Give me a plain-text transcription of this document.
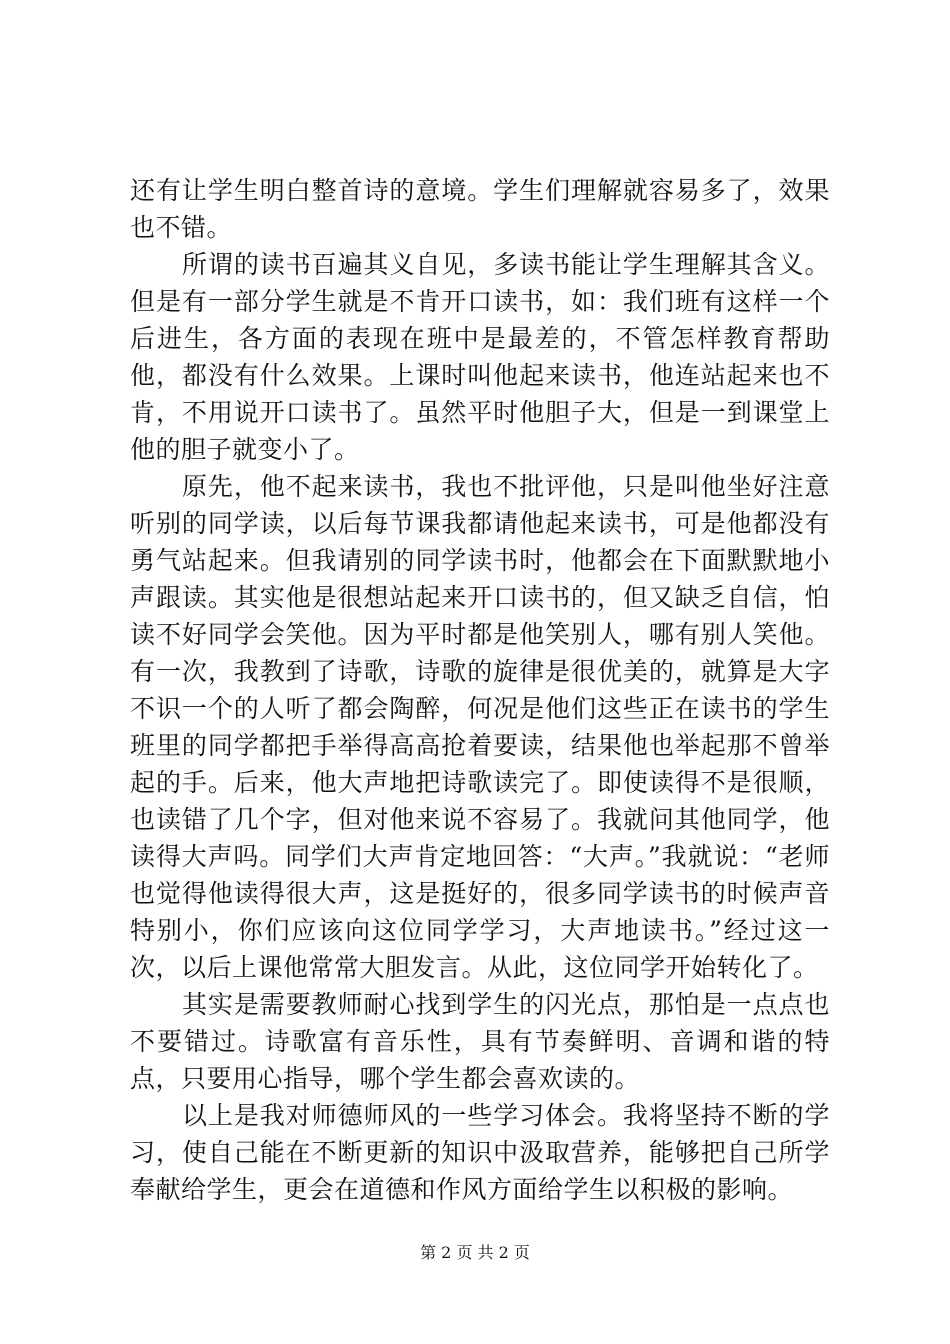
还有让学生明白整首诗的意境。学生们理解就容易多了，效果也不错。

所谓的读书百遍其义自见，多读书能让学生理解其含义。但是有一部分学生就是不肯开口读书，如：我们班有这样一个后进生，各方面的表现在班中是最差的，不管怎样教育帮助他，都没有什么效果。上课时叫他起来读书，他连站起来也不肯，不用说开口读书了。虽然平时他胆子大，但是一到课堂上他的胆子就变小了。

原先，他不起来读书，我也不批评他，只是叫他坐好注意听别的同学读，以后每节课我都请他起来读书，可是他都没有勇气站起来。但我请别的同学读书时，他都会在下面默默地小声跟读。其实他是很想站起来开口读书的，但又缺乏自信，怕读不好同学会笑他。因为平时都是他笑别人，哪有别人笑他。有一次，我教到了诗歌，诗歌的旋律是很优美的，就算是大字不识一个的人听了都会陶醉，何况是他们这些正在读书的学生班里的同学都把手举得高高抢着要读，结果他也举起那不曾举起的手。后来，他大声地把诗歌读完了。即使读得不是很顺，也读错了几个字，但对他来说不容易了。我就问其他同学，他读得大声吗。同学们大声肯定地回答：“大声。”我就说：“老师也觉得他读得很大声，这是挺好的，很多同学读书的时候声音特别小，你们应该向这位同学学习，大声地读书。”经过这一次，以后上课他常常大胆发言。从此，这位同学开始转化了。

其实是需要教师耐心找到学生的闪光点，那怕是一点点也不要错过。诗歌富有音乐性，具有节奏鲜明、音调和谐的特点，只要用心指导，哪个学生都会喜欢读的。

以上是我对师德师风的一些学习体会。我将坚持不断的学习，使自己能在不断更新的知识中汲取营养，能够把自己所学奉献给学生，更会在道德和作风方面给学生以积极的影响。

第 2 页 共 2 页
